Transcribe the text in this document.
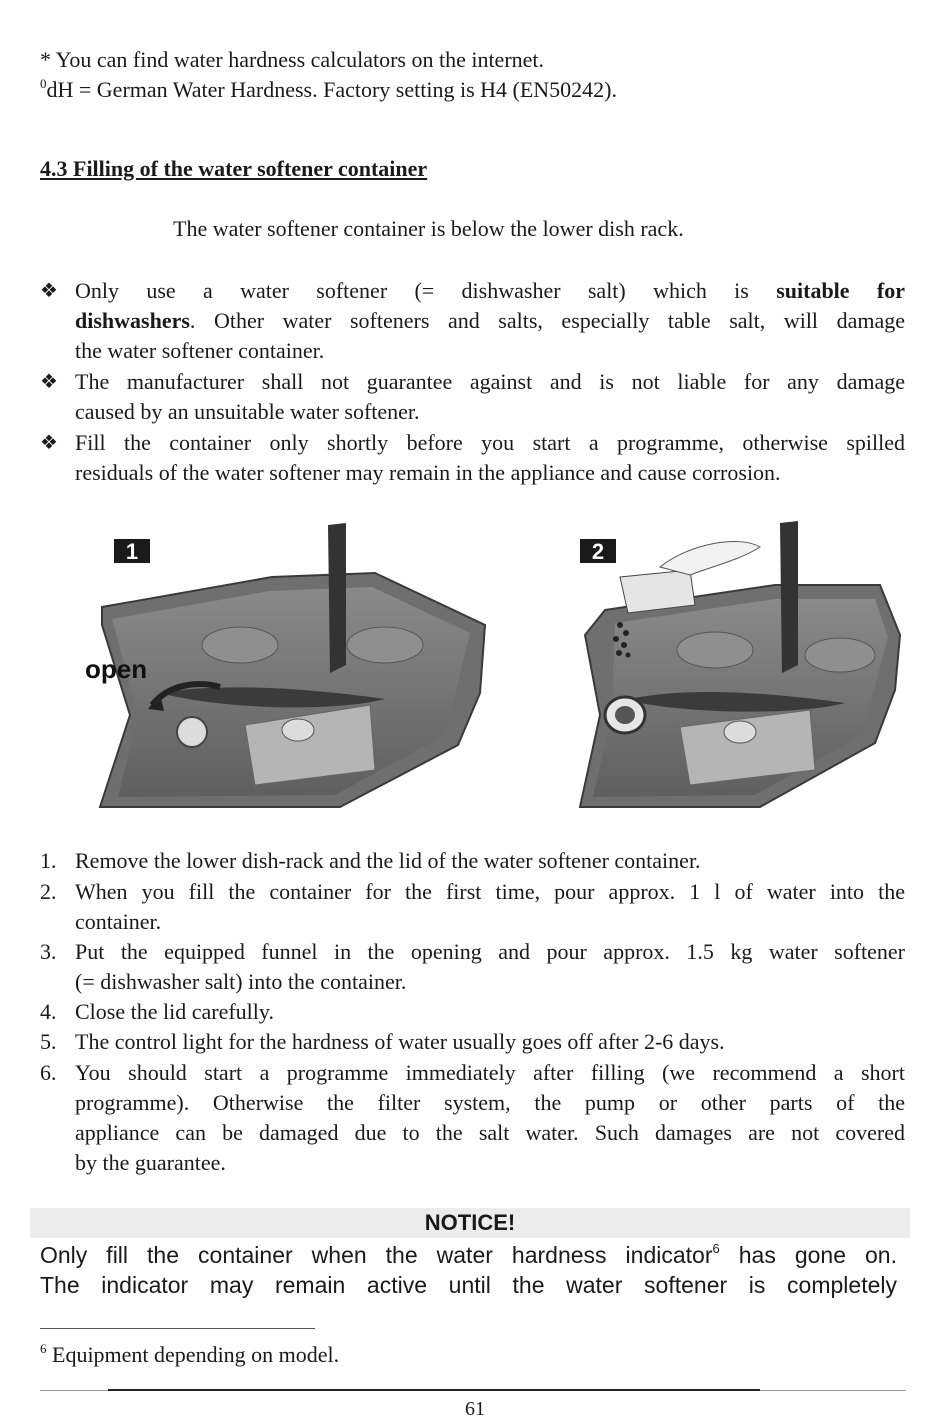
* You can find water hardness calculators on the internet.
$^0$dH = German Water Hardness. Factory setting is H4 (EN50242).
4.3 Filling of the water softener container
The water softener container is below the lower dish rack.
❖ Only use a water softener (= dishwasher salt) which is suitable for
dishwashers. Other water softeners and salts, especially table salt, will damage
the water softener container.
❖ The manufacturer shall not guarantee against and is not liable for any damage
caused by an unsuitable water softener.
❖ Fill the container only shortly before you start a programme, otherwise spilled
residuals of the water softener may remain in the appliance and cause corrosion.
1
open
2
1. Remove the lower dish-rack and the lid of the water softener container.
2. When you fill the container for the first time, pour approx. 1 l of water into the
container.
3. Put the equipped funnel in the opening and pour approx. 1.5 kg water softener
(= dishwasher salt) into the container.
4. Close the lid carefully.
5. The control light for the hardness of water usually goes off after 2-6 days.
6. You should start a programme immediately after filling (we recommend a short
programme). Otherwise the filter system, the pump or other parts of the
appliance can be damaged due to the salt water. Such damages are not covered
by the guarantee.
NOTICE!
Only fill the container when the water hardness indicator$^6$ has gone on.
The indicator may remain active until the water softener is completely
$^6$ Equipment depending on model.
61
